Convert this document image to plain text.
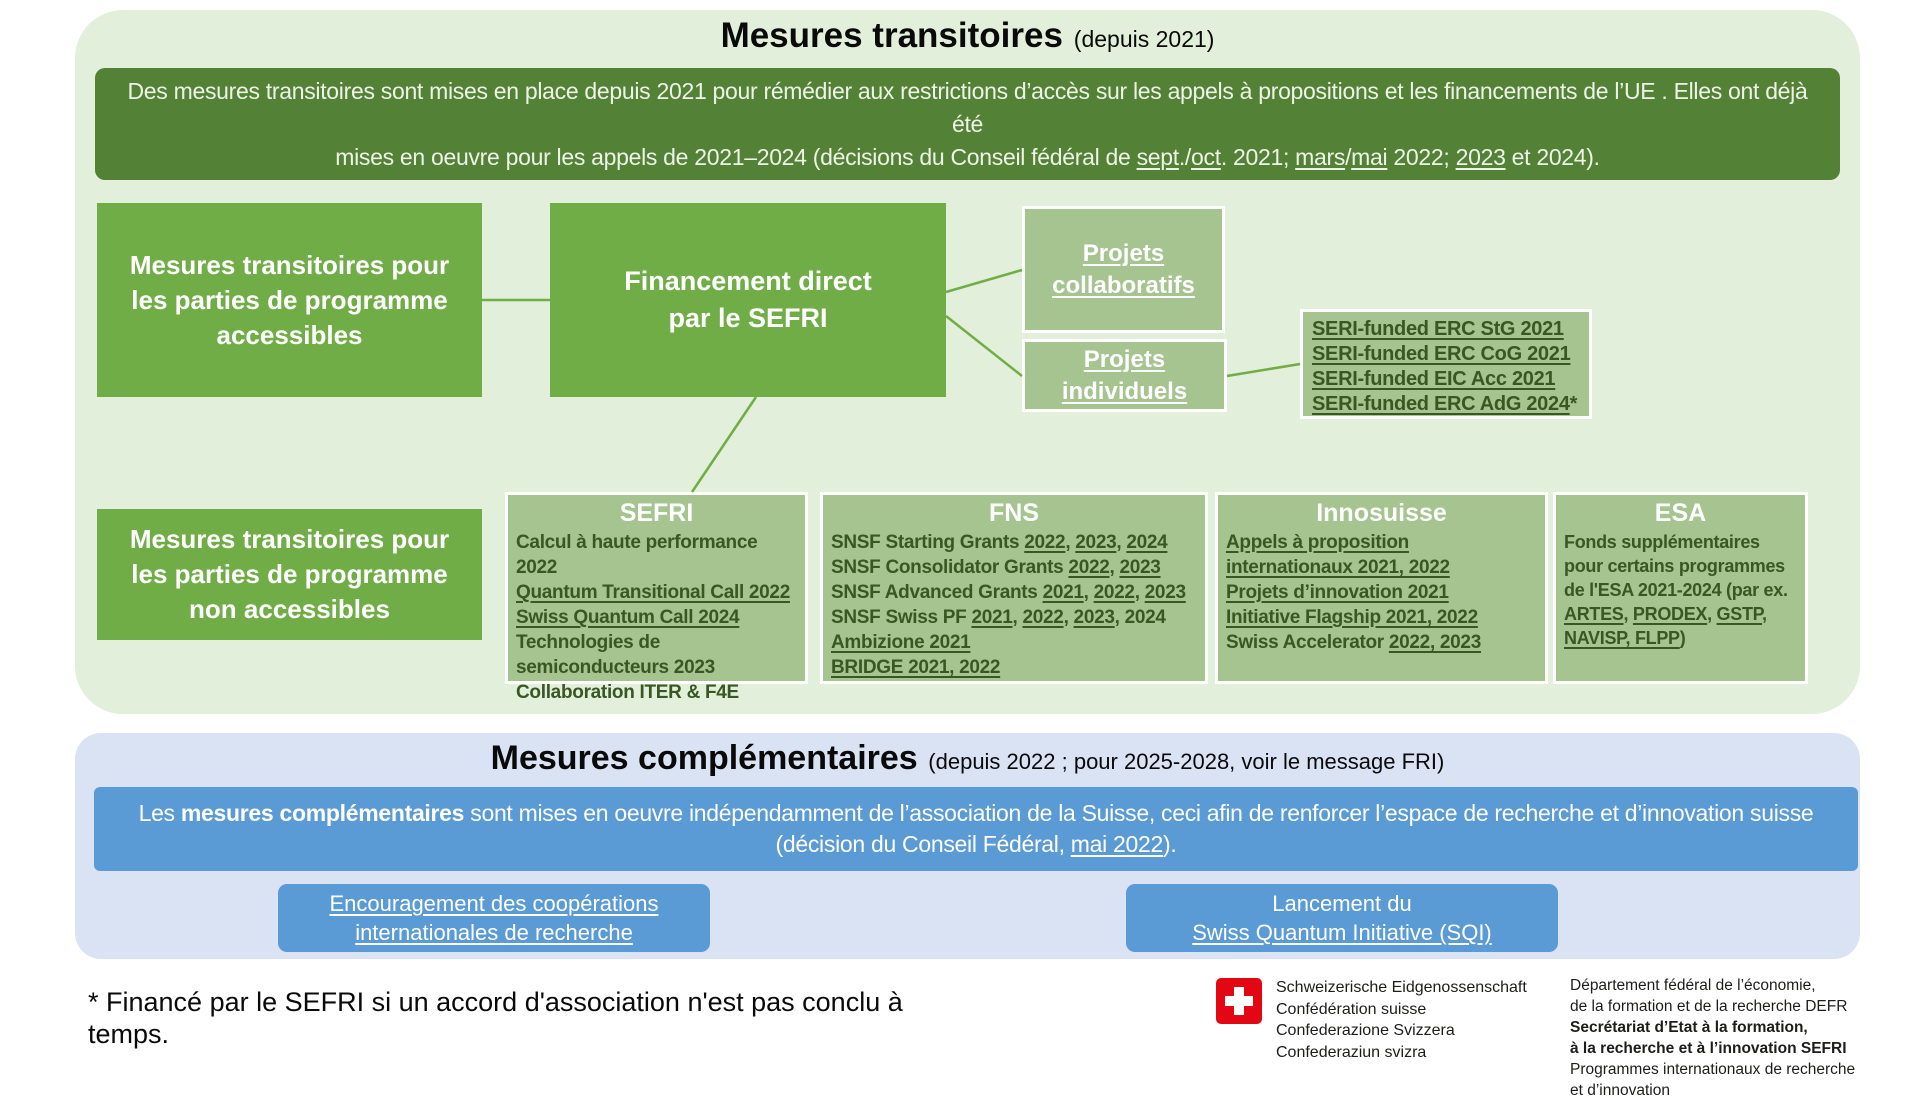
Mesures transitoires (depuis 2021)
Des mesures transitoires sont mises en place depuis 2021 pour rémédier aux restrictions d’accès sur les appels à propositions et les financements de l’UE . Elles ont déjà été
mises en oeuvre pour les appels de 2021–2024 (décisions du Conseil fédéral de sept./oct. 2021; mars/mai 2022; 2023 et 2024).
Mesures transitoires pour
les parties de programme
accessibles
Financement direct
par le SEFRI
Projets
collaboratifs
Projets
individuels
SERI-funded ERC StG 2021
SERI-funded ERC CoG 2021
SERI-funded EIC Acc 2021
SERI-funded ERC AdG 2024*
Mesures transitoires pour
les parties de programme
non accessibles
SEFRI
Calcul à haute performance 2022
Quantum Transitional Call 2022
Swiss Quantum Call 2024
Technologies de semiconducteurs 2023
Collaboration ITER & F4E
FNS
SNSF Starting Grants 2022, 2023, 2024
SNSF Consolidator Grants 2022, 2023
SNSF Advanced Grants 2021, 2022, 2023
SNSF Swiss PF 2021, 2022, 2023, 2024
Ambizione 2021
BRIDGE 2021, 2022
Innosuisse
Appels à proposition internationaux 2021, 2022
Projets d’innovation 2021
Initiative Flagship 2021, 2022
Swiss Accelerator 2022, 2023
ESA
Fonds supplémentaires pour certains programmes de l'ESA 2021-2024 (par ex. ARTES, PRODEX, GSTP, NAVISP, FLPP)
Mesures complémentaires (depuis 2022 ; pour 2025-2028, voir le message FRI)
Les mesures complémentaires sont mises en oeuvre indépendamment de l’association de la Suisse, ceci afin de renforcer l’espace de recherche et d’innovation suisse
(décision du Conseil Fédéral, mai 2022).
Encouragement des coopérations
internationales de recherche
Lancement du
Swiss Quantum Initiative (SQI)
* Financé par le SEFRI si un accord d'association n'est pas conclu à
temps.
Schweizerische Eidgenossenschaft
Confédération suisse
Confederazione Svizzera
Confederaziun svizra
Département fédéral de l’économie,
de la formation et de la recherche DEFR
Secrétariat d’Etat à la formation,
à la recherche et à l’innovation SEFRI
Programmes internationaux de recherche
et d’innovation
